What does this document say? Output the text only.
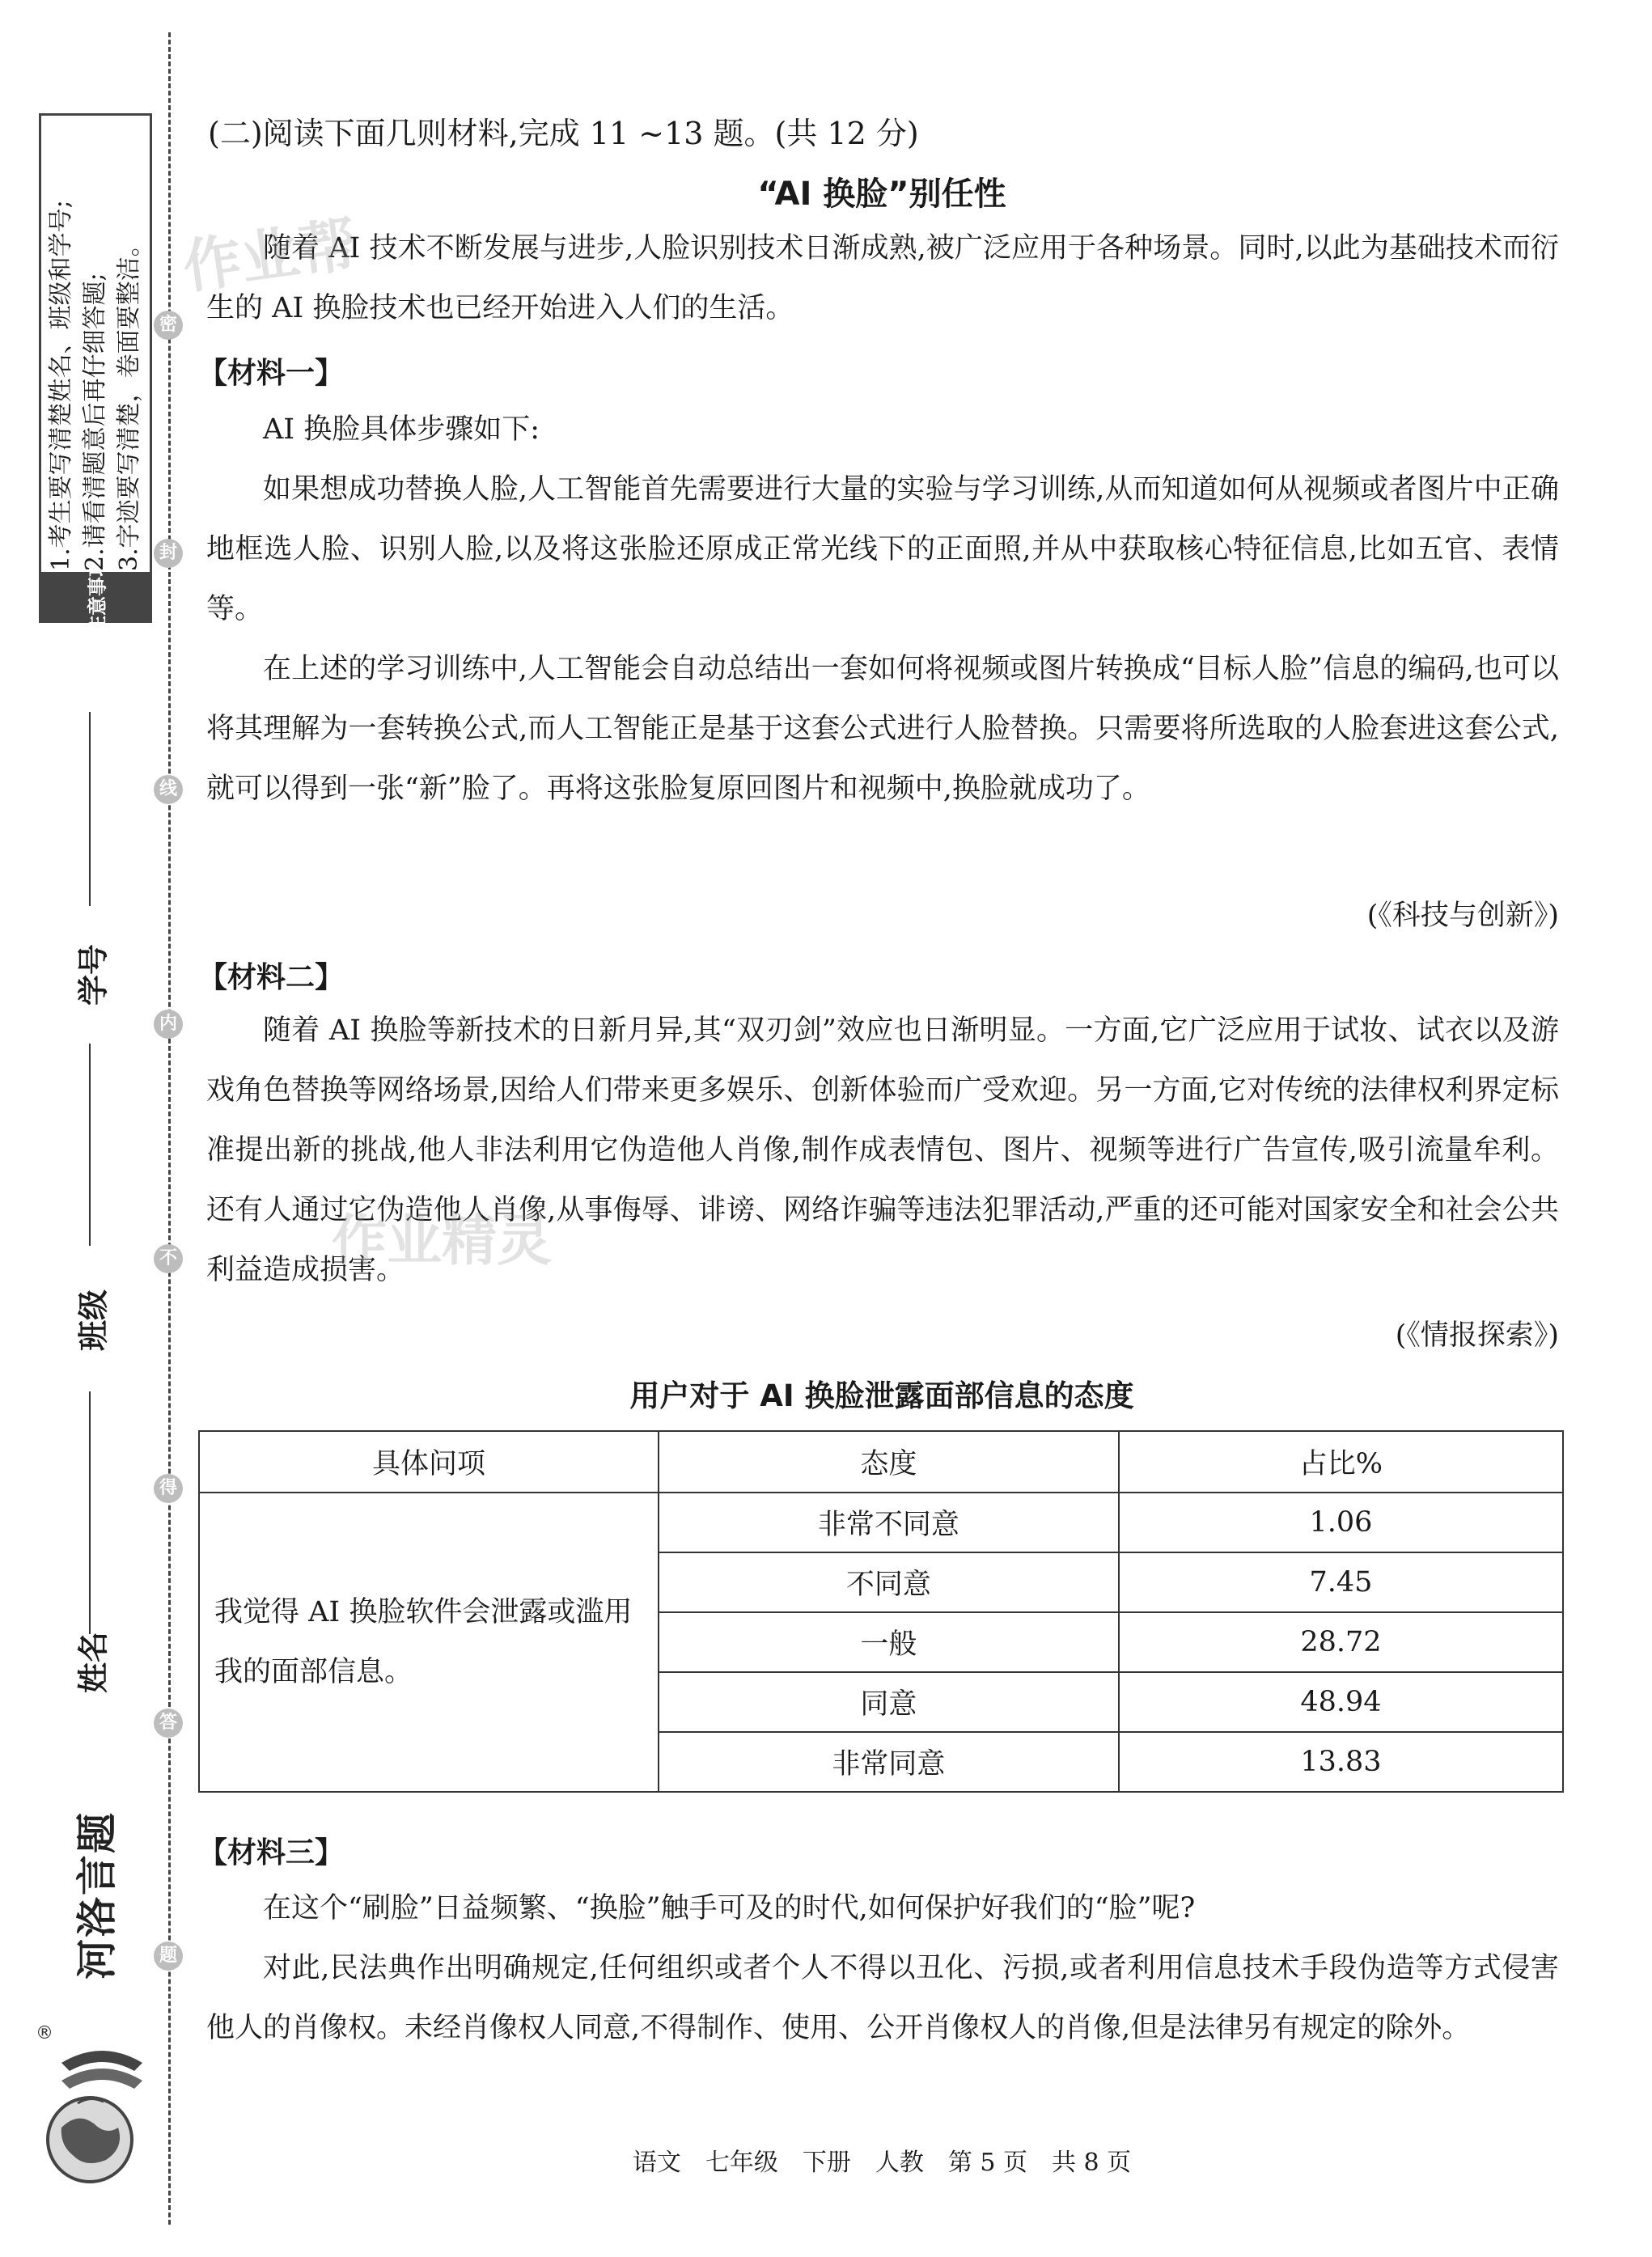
密
封
线
内
不
得
答
题
注意事项
1.考生要写清楚姓名、班级和学号; 2.请看清题意后再仔细答题; 3.字迹要写清楚，卷面要整洁。
学号
班级
姓名
河洛言题
®
(二)阅读下面几则材料,完成 11 ~13 题。(共 12 分)
“AI 换脸”别任性
随着 AI 技术不断发展与进步,人脸识别技术日渐成熟,被广泛应用于各种场景。同时,以此为基础技术而衍生的 AI 换脸技术也已经开始进入人们的生活。
【材料一】
AI 换脸具体步骤如下:
如果想成功替换人脸,人工智能首先需要进行大量的实验与学习训练,从而知道如何从视频或者图片中正确地框选人脸、识别人脸,以及将这张脸还原成正常光线下的正面照,并从中获取核心特征信息,比如五官、表情等。
在上述的学习训练中,人工智能会自动总结出一套如何将视频或图片转换成“目标人脸”信息的编码,也可以将其理解为一套转换公式,而人工智能正是基于这套公式进行人脸替换。只需要将所选取的人脸套进这套公式,就可以得到一张“新”脸了。再将这张脸复原回图片和视频中,换脸就成功了。
(《科技与创新》)
【材料二】
随着 AI 换脸等新技术的日新月异,其“双刃剑”效应也日渐明显。一方面,它广泛应用于试妆、试衣以及游戏角色替换等网络场景,因给人们带来更多娱乐、创新体验而广受欢迎。另一方面,它对传统的法律权利界定标准提出新的挑战,他人非法利用它伪造他人肖像,制作成表情包、图片、视频等进行广告宣传,吸引流量牟利。还有人通过它伪造他人肖像,从事侮辱、诽谤、网络诈骗等违法犯罪活动,严重的还可能对国家安全和社会公共利益造成损害。
(《情报探索》)
用户对于 AI 换脸泄露面部信息的态度
具体问项	态度	占比%

我觉得 AI 换脸软件会泄露或滥用我的面部信息。	非常不同意	1.06
	不同意	7.45
	一般	28.72
	同意	48.94
	非常同意	13.83
【材料三】
在这个“刷脸”日益频繁、“换脸”触手可及的时代,如何保护好我们的“脸”呢?
对此,民法典作出明确规定,任何组织或者个人不得以丑化、污损,或者利用信息技术手段伪造等方式侵害他人的肖像权。未经肖像权人同意,不得制作、使用、公开肖像权人的肖像,但是法律另有规定的除外。
语文　七年级　下册　人教　第 5 页　共 8 页
作业帮
作业精灵
